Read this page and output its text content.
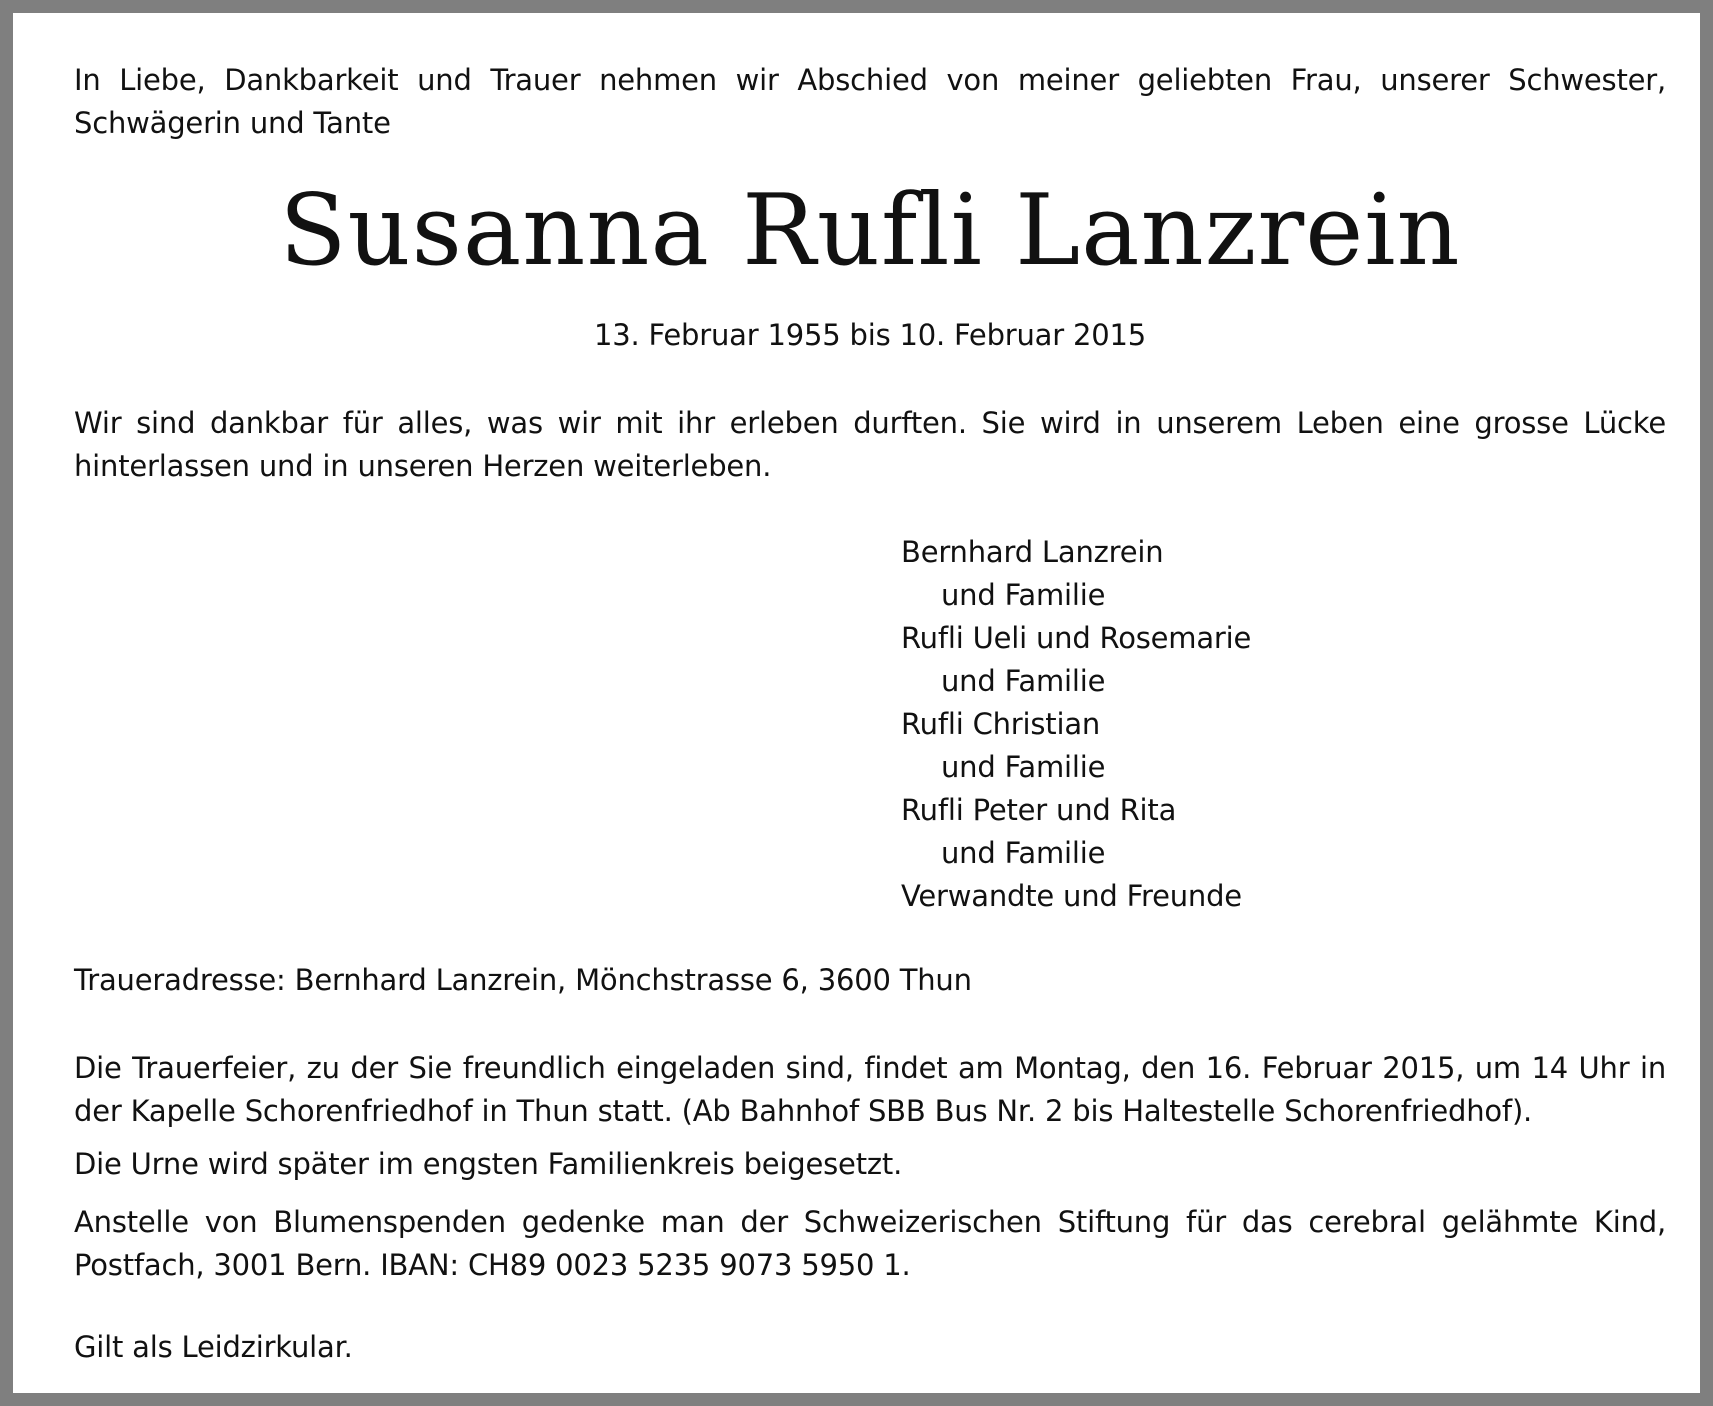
In Liebe, Dankbarkeit und Trauer nehmen wir Abschied von meiner geliebten Frau, unserer Schwester, Schwägerin und Tante

Susanna Rufli Lanzrein
13. Februar 1955 bis 10. Februar 2015

Wir sind dankbar für alles, was wir mit ihr erleben durften. Sie wird in unserem Leben eine grosse Lücke hinterlassen und in unseren Herzen weiterleben.

Bernhard Lanzrein
und Familie
Rufli Ueli und Rosemarie
und Familie
Rufli Christian
und Familie
Rufli Peter und Rita
und Familie
Verwandte und Freunde
Traueradresse: Bernhard Lanzrein, Mönchstrasse 6, 3600 Thun

Die Trauerfeier, zu der Sie freundlich eingeladen sind, findet am Montag, den 16. Februar 2015, um 14 Uhr in der Kapelle Schorenfriedhof in Thun statt. (Ab Bahnhof SBB Bus Nr. 2 bis Haltestelle Schorenfriedhof).

Die Urne wird später im engsten Familienkreis beigesetzt.

Anstelle von Blumenspenden gedenke man der Schweizerischen Stiftung für das cerebral gelähmte Kind, Postfach, 3001 Bern. IBAN: CH89 0023 5235 9073 5950 1.

Gilt als Leidzirkular.
